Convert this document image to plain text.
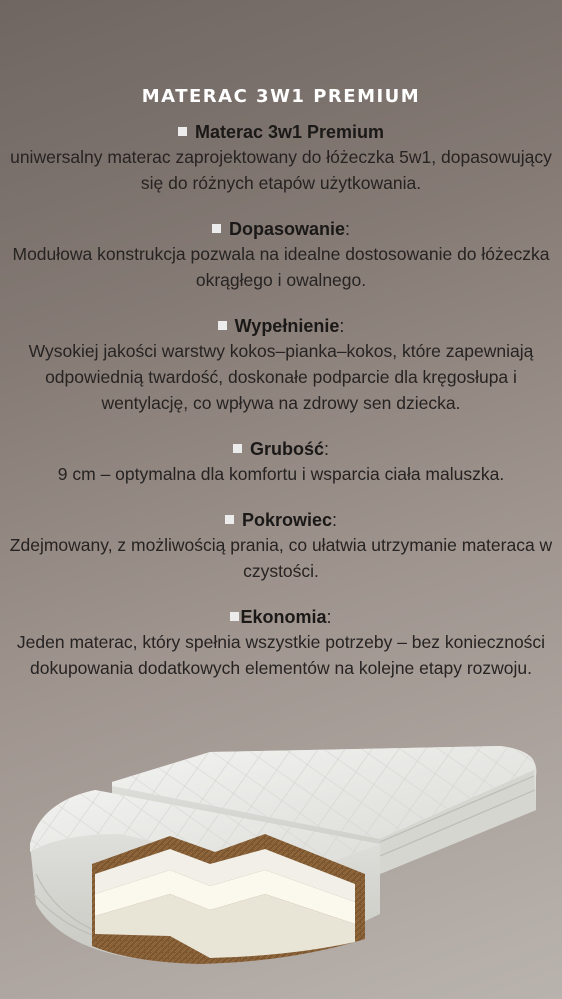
MATERAC 3W1 PREMIUM
Materac 3w1 Premium
uniwersalny materac zaprojektowany do łóżeczka 5w1, dopasowujący się do różnych etapów użytkowania.
Dopasowanie:
Modułowa konstrukcja pozwala na idealne dostosowanie do łóżeczka okrągłego i owalnego.
Wypełnienie:
Wysokiej jakości warstwy kokos–pianka–kokos, które zapewniają odpowiednią twardość, doskonałe podparcie dla kręgosłupa i wentylację, co wpływa na zdrowy sen dziecka.
Grubość:
9 cm – optymalna dla komfortu i wsparcia ciała maluszka.
Pokrowiec:
Zdejmowany, z możliwością prania, co ułatwia utrzymanie materaca w czystości.
Ekonomia:
Jeden materac, który spełnia wszystkie potrzeby – bez konieczności dokupowania dodatkowych elementów na kolejne etapy rozwoju.
